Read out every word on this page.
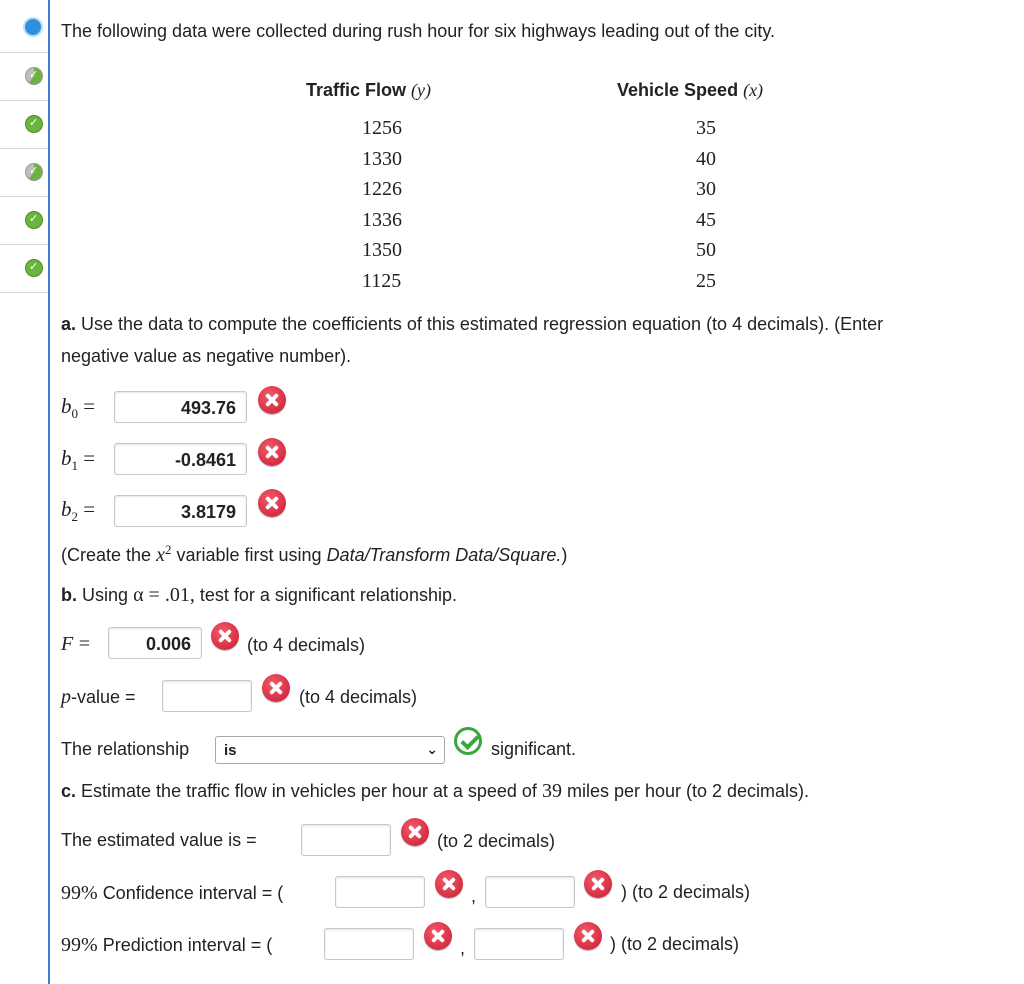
✓
✓
✓
✓
✓
The following data were collected during rush hour for six highways leading out of the city.
Traffic Flow (y)	Vehicle Speed (x)
1256	35
1330	40
1226	30
1336	45
1350	50
1125	25
a. Use the data to compute the coefficients of this estimated regression equation (to 4 decimals). (Enter
negative value as negative number).
$b_0$ =	493.76
$b_1$ =	-0.8461
$b_2$ =	3.8179
(Create the $x^2$ variable first using Data/Transform Data/Square.)
b. Using α = .01, test for a significant relationship.
F =	0.006	(to 4 decimals)
p-value =	(to 4 decimals)
The relationship	is	⌄	significant.
c. Estimate the traffic flow in vehicles per hour at a speed of 39 miles per hour (to 2 decimals).
The estimated value is =	(to 2 decimals)
99% Confidence interval = (	,	) (to 2 decimals)
99% Prediction interval = (	,	) (to 2 decimals)
